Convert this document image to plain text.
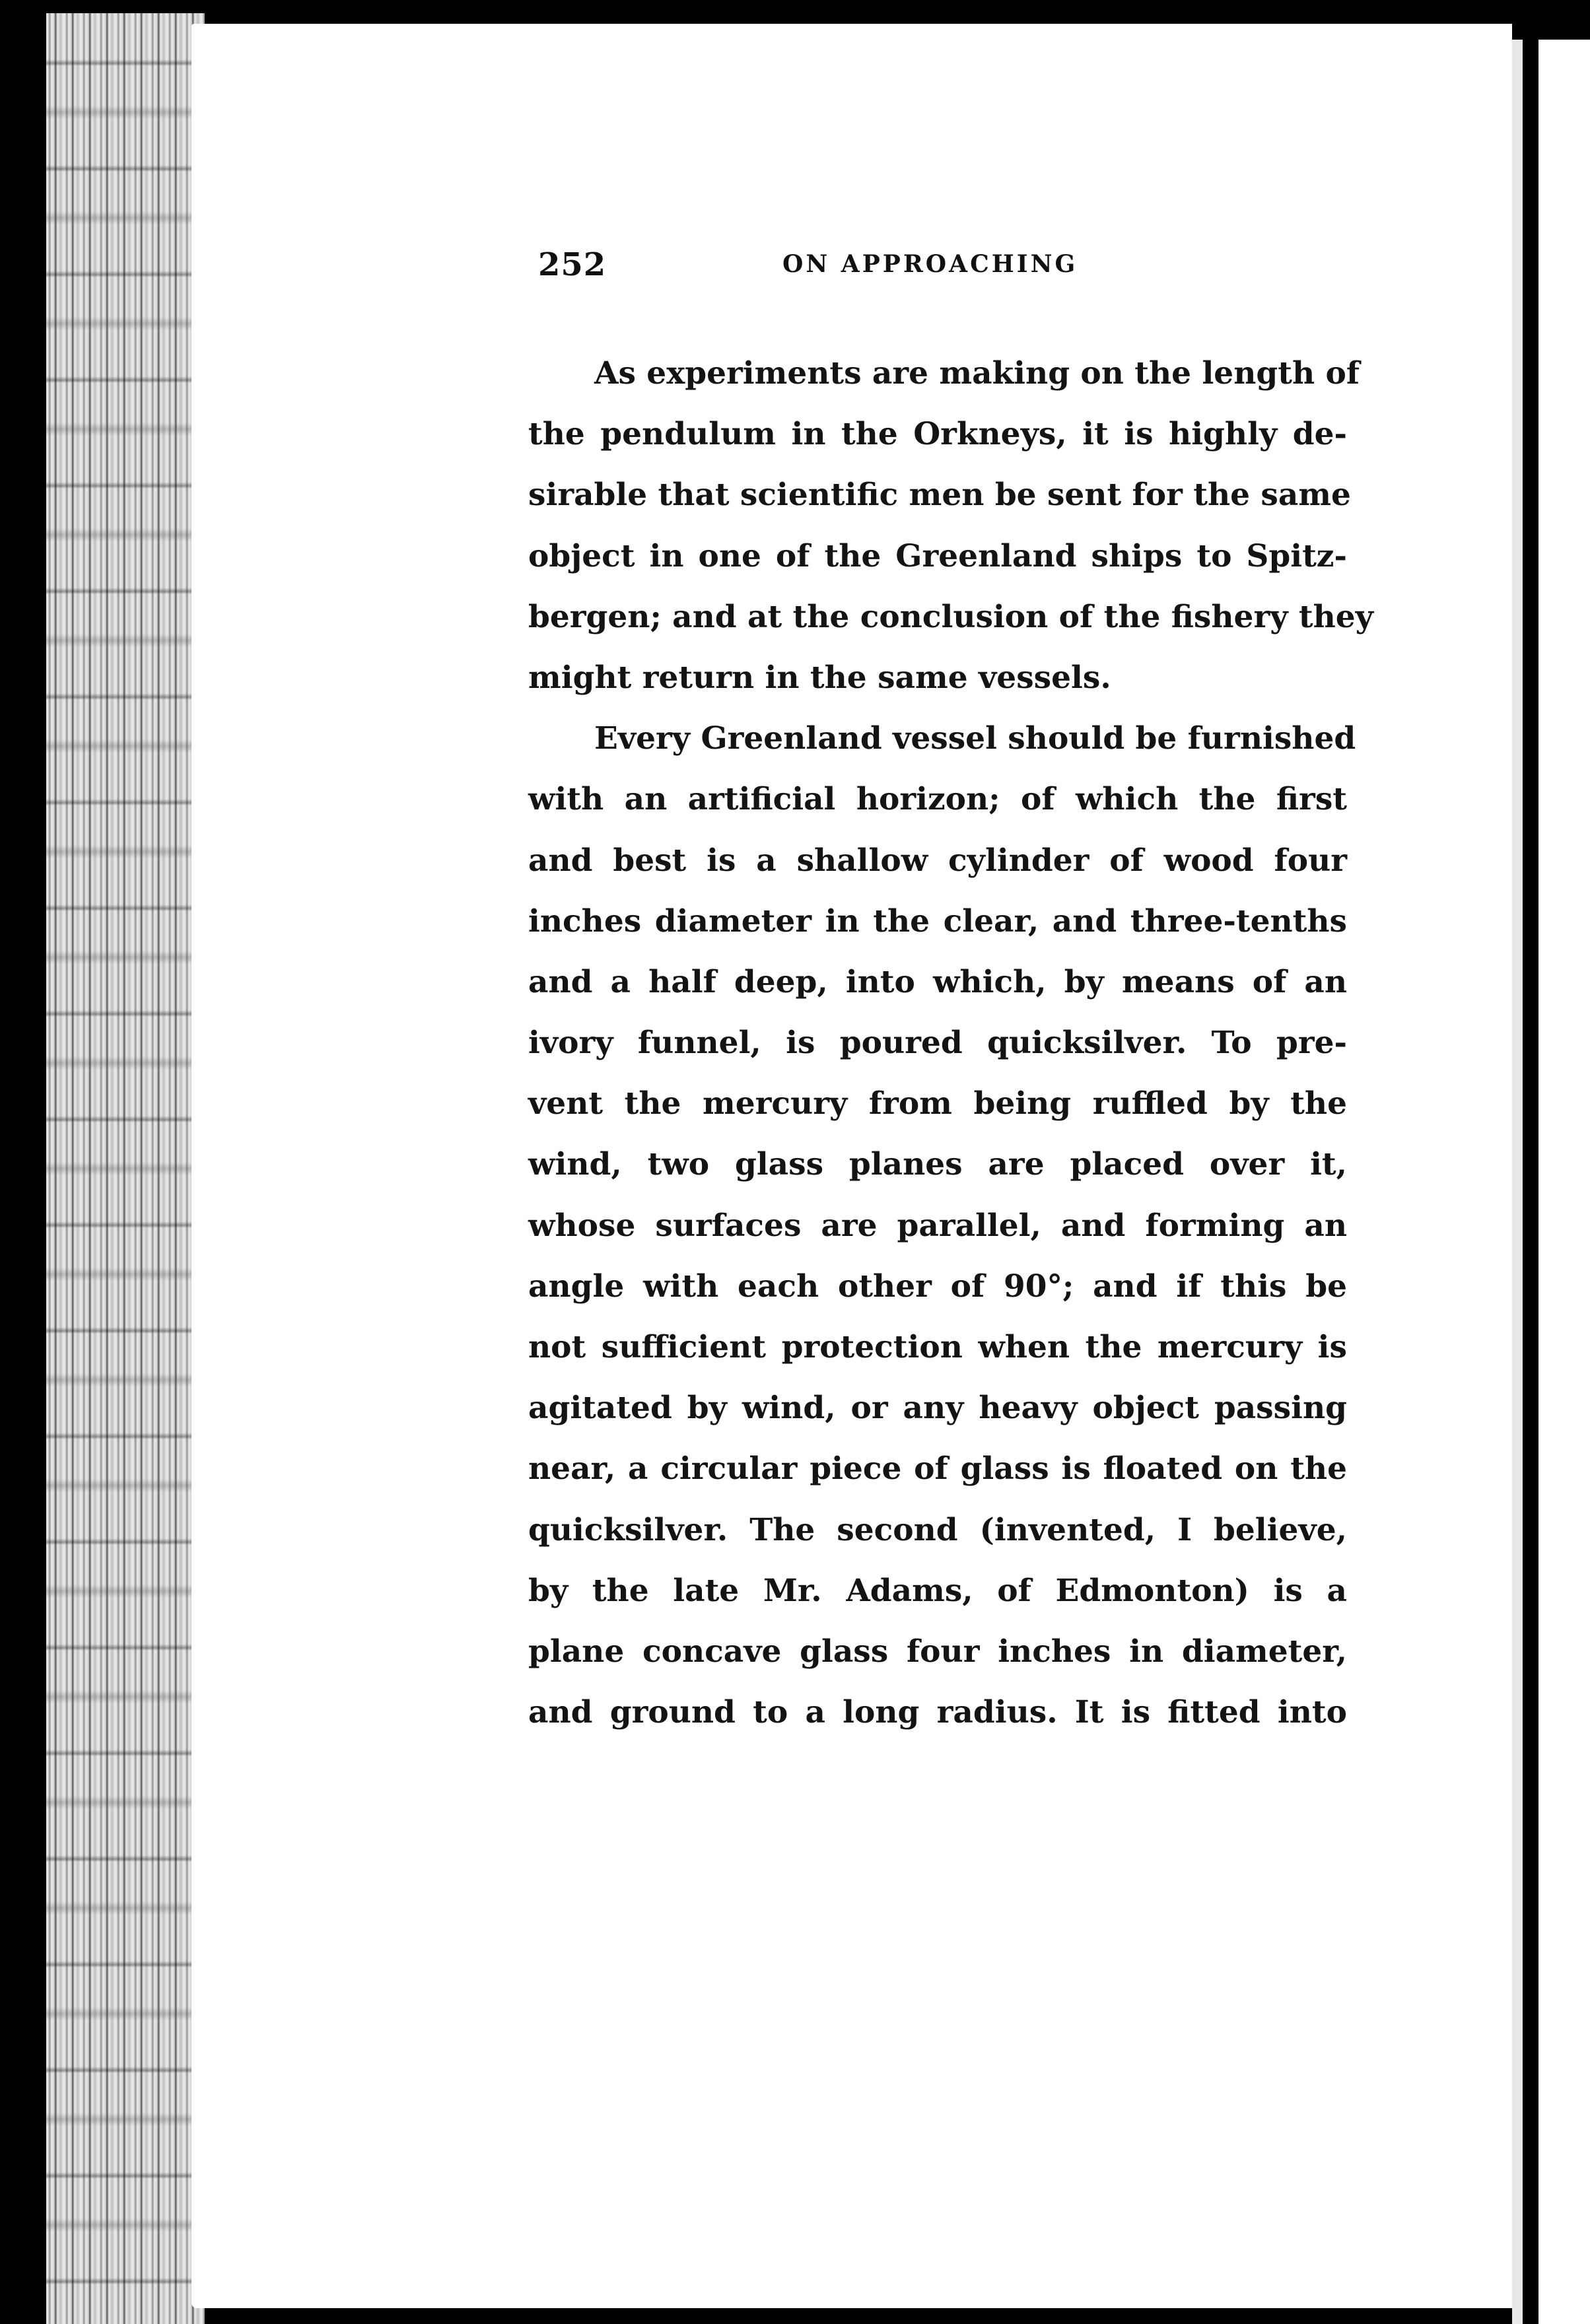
252	ON APPROACHING
As experiments are making on the length of
the pendulum in the Orkneys, it is highly de-
sirable that scientific men be sent for the same
object in one of the Greenland ships to Spitz-
bergen; and at the conclusion of the fishery they
might return in the same vessels.
Every Greenland vessel should be furnished
with an artificial horizon; of which the first
and best is a shallow cylinder of wood four
inches diameter in the clear, and three-tenths
and a half deep, into which, by means of an
ivory funnel, is poured quicksilver. To pre-
vent the mercury from being ruffled by the
wind, two glass planes are placed over it,
whose surfaces are parallel, and forming an
angle with each other of 90°; and if this be
not sufficient protection when the mercury is
agitated by wind, or any heavy object passing
near, a circular piece of glass is floated on the
quicksilver. The second (invented, I believe,
by the late Mr. Adams, of Edmonton) is a
plane concave glass four inches in diameter,
and ground to a long radius. It is fitted into
